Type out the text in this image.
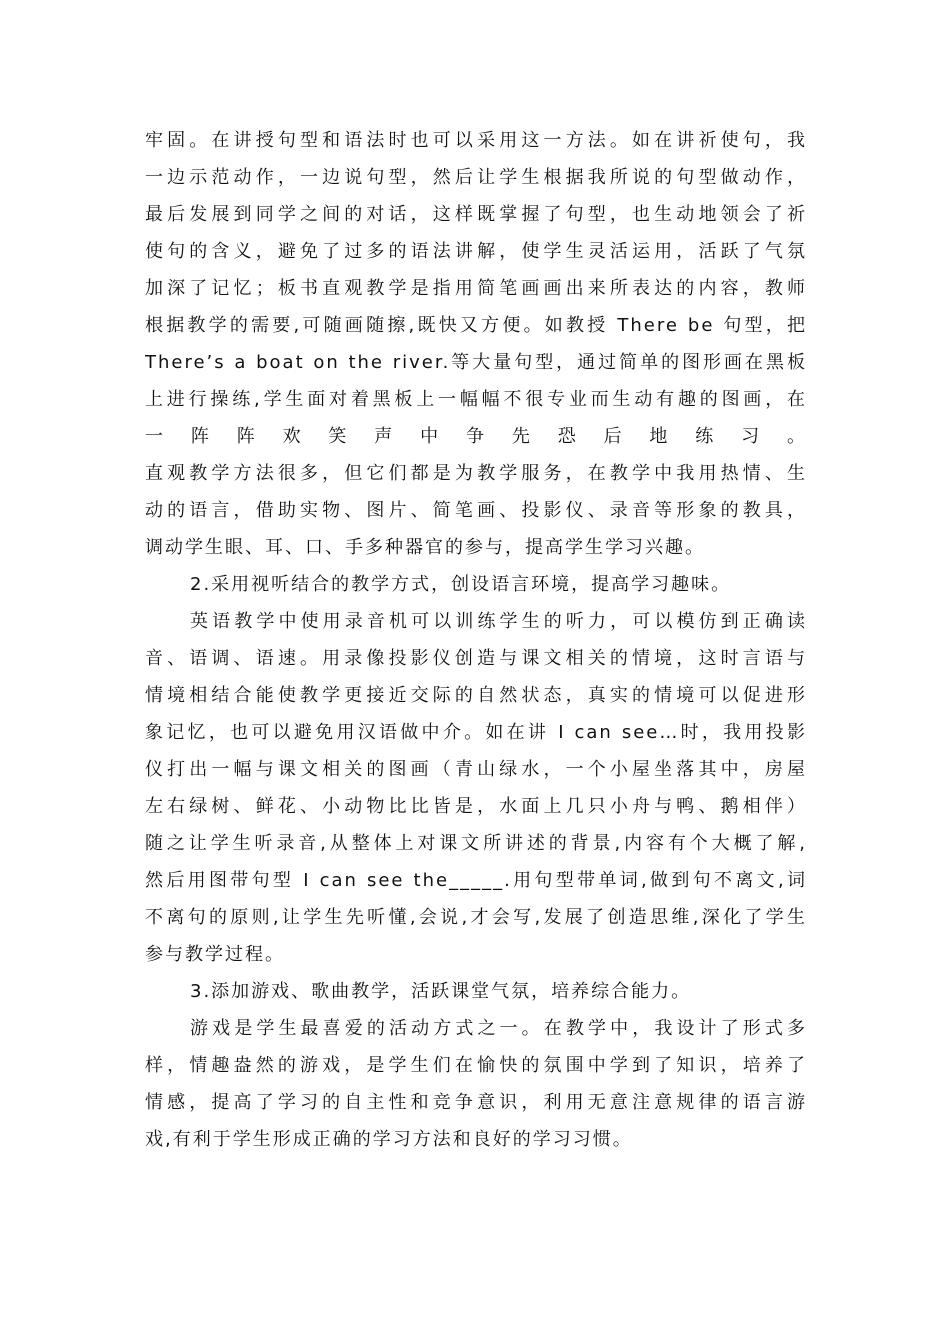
牢固。在讲授句型和语法时也可以采用这一方法。如在讲祈使句，我
一边示范动作，一边说句型，然后让学生根据我所说的句型做动作，
最后发展到同学之间的对话，这样既掌握了句型，也生动地领会了祈
使句的含义，避免了过多的语法讲解，使学生灵活运用，活跃了气氛
加深了记忆；板书直观教学是指用简笔画画出来所表达的内容，教师
根据教学的需要,可随画随擦,既快又方便。如教授 There be 句型，把
There’s a boat on the river.等大量句型，通过简单的图形画在黑板
上进行操练,学生面对着黑板上一幅幅不很专业而生动有趣的图画，在
一 阵 阵 欢 笑 声 中 争 先 恐 后 地 练 习 。
直观教学方法很多，但它们都是为教学服务，在教学中我用热情、生
动的语言，借助实物、图片、简笔画、投影仪、录音等形象的教具，
调动学生眼、耳、口、手多种器官的参与，提高学生学习兴趣。
2.采用视听结合的教学方式，创设语言环境，提高学习趣味。
英语教学中使用录音机可以训练学生的听力，可以模仿到正确读
音、语调、语速。用录像投影仪创造与课文相关的情境，这时言语与
情境相结合能使教学更接近交际的自然状态，真实的情境可以促进形
象记忆，也可以避免用汉语做中介。如在讲 I can see…时，我用投影
仪打出一幅与课文相关的图画（青山绿水，一个小屋坐落其中，房屋
左右绿树、鲜花、小动物比比皆是，水面上几只小舟与鸭、鹅相伴）
随之让学生听录音,从整体上对课文所讲述的背景,内容有个大概了解,
然后用图带句型 I can see the_____.用句型带单词,做到句不离文,词
不离句的原则,让学生先听懂,会说,才会写,发展了创造思维,深化了学生
参与教学过程。
3.添加游戏、歌曲教学，活跃课堂气氛，培养综合能力。
游戏是学生最喜爱的活动方式之一。在教学中，我设计了形式多
样，情趣盎然的游戏，是学生们在愉快的氛围中学到了知识，培养了
情感，提高了学习的自主性和竞争意识，利用无意注意规律的语言游
戏,有利于学生形成正确的学习方法和良好的学习习惯。
